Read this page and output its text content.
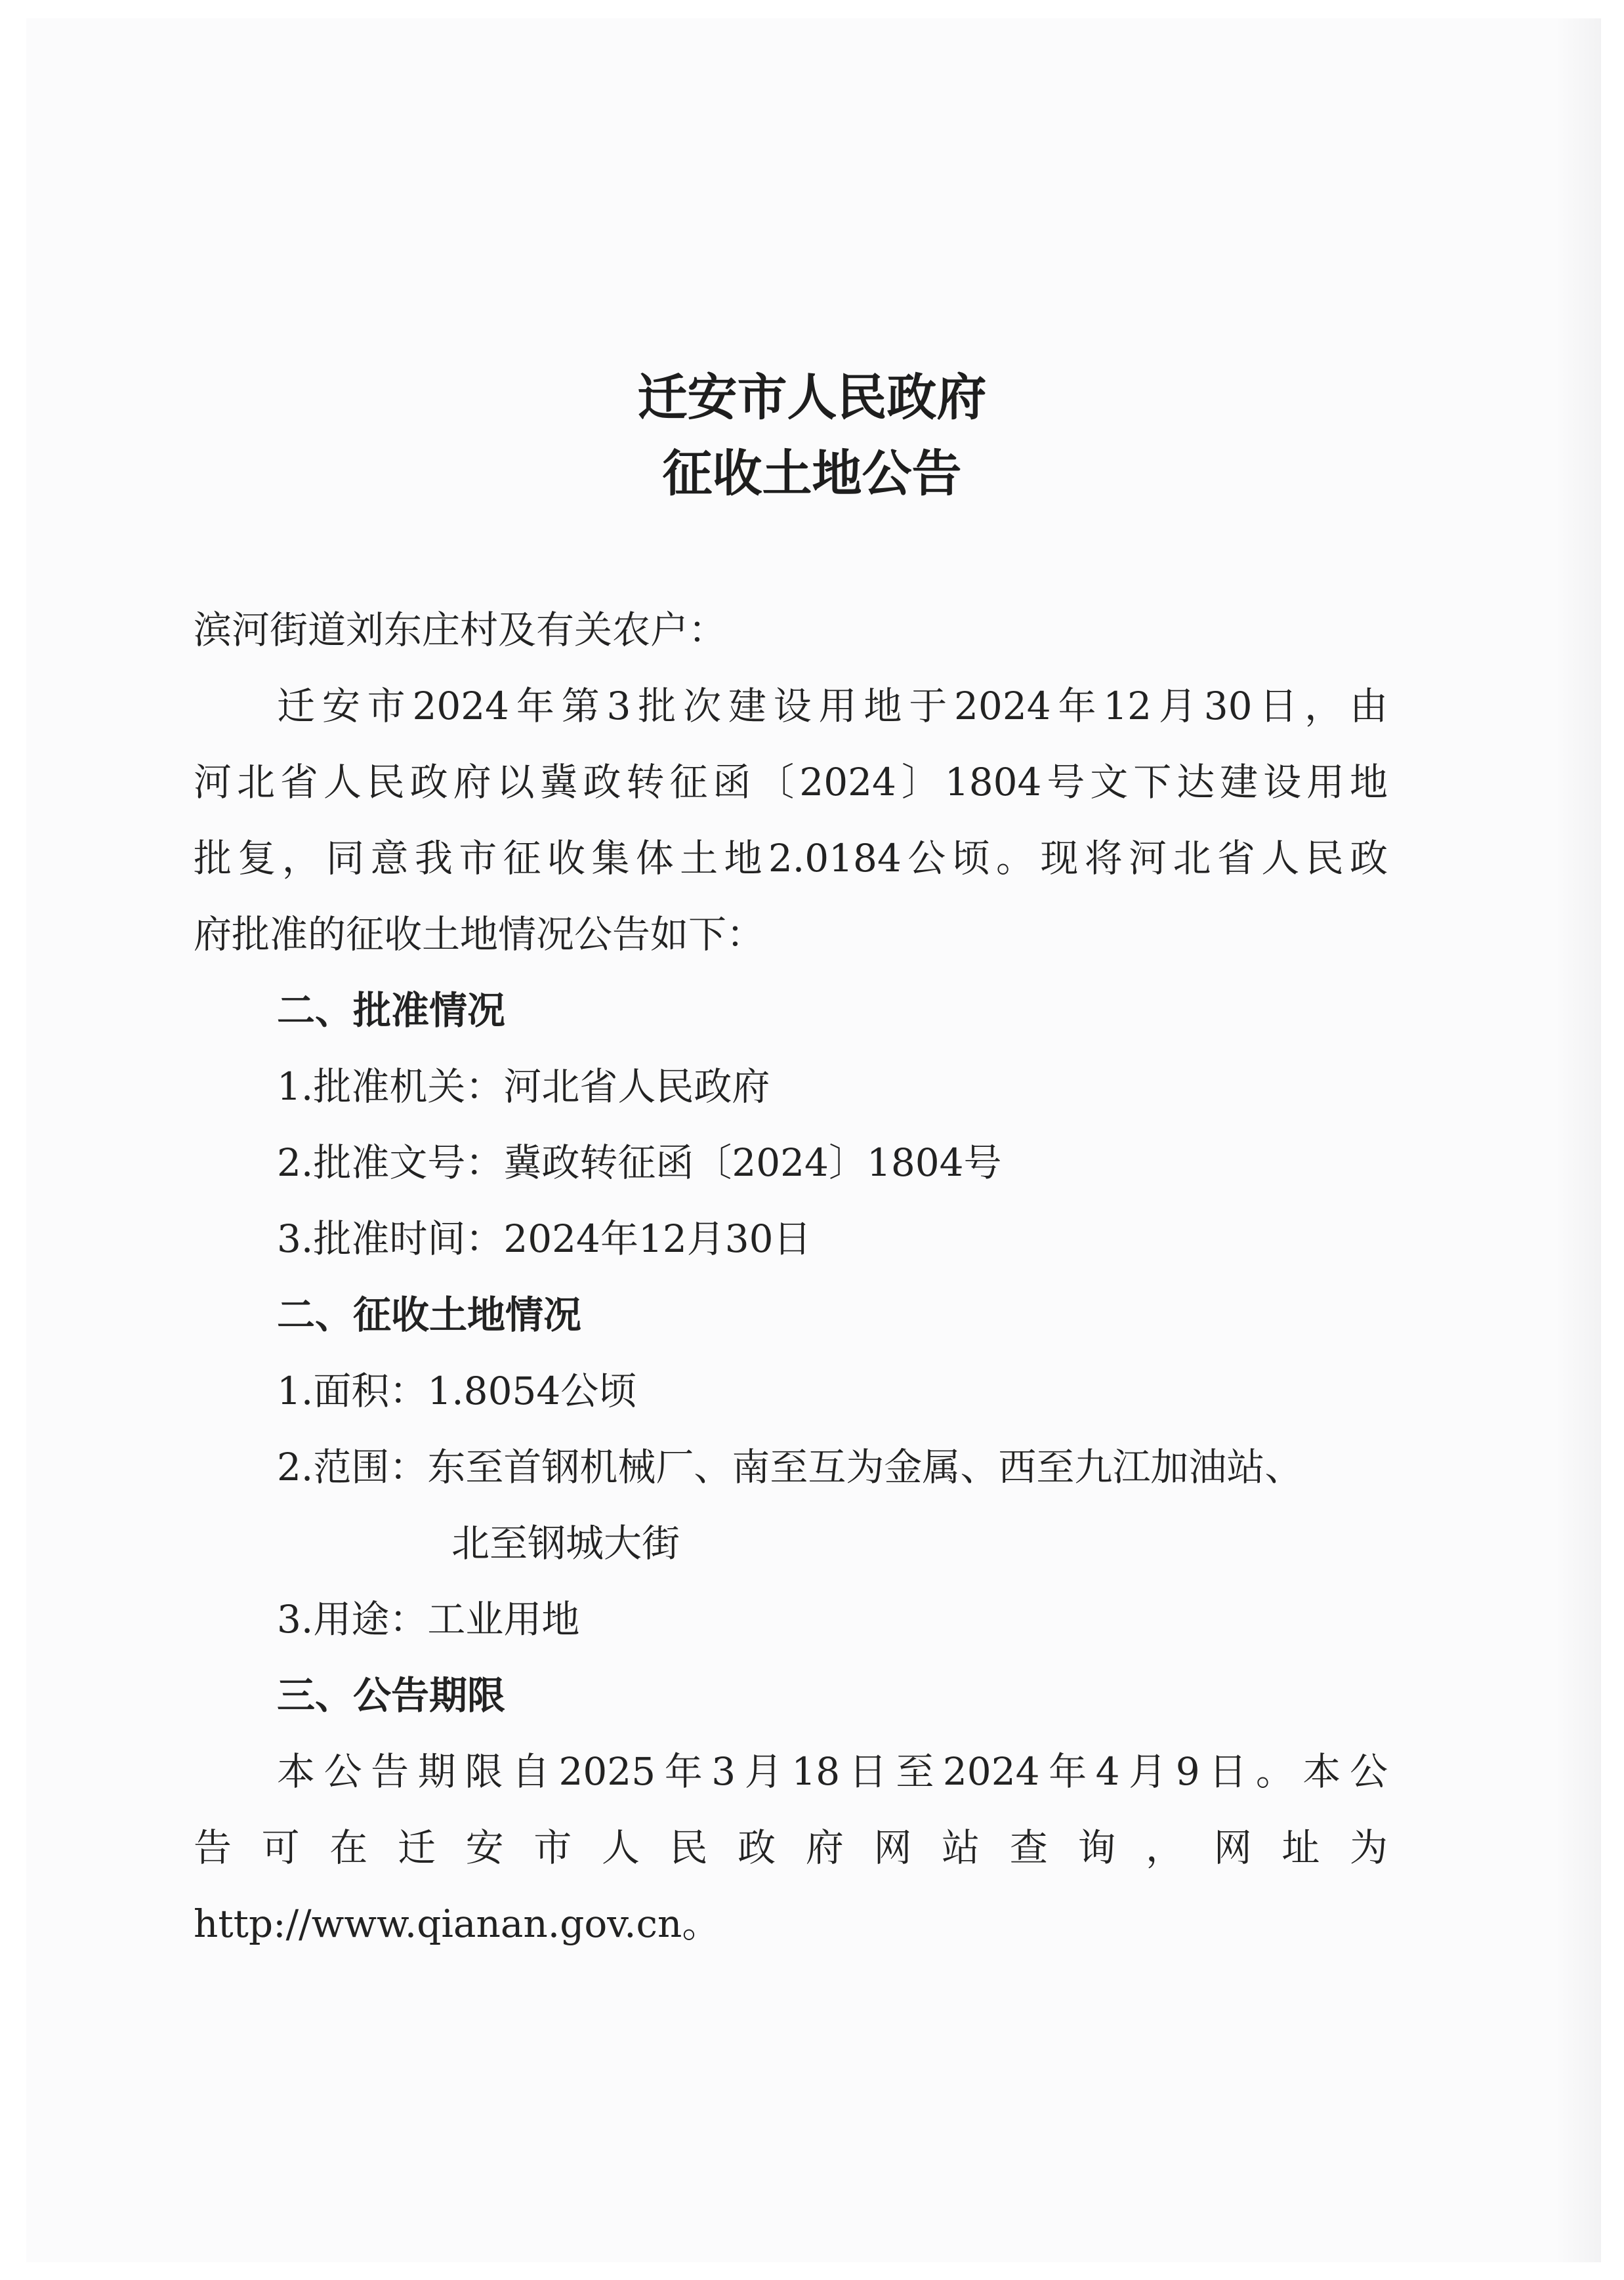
迁安市人民政府
征收土地公告

滨河街道刘东庄村及有关农户：

迁安市2024年第3批次建设用地于2024年12月30日，由

河北省人民政府以冀政转征函〔2024〕1804号文下达建设用地

批复，同意我市征收集体土地2.0184公顷。现将河北省人民政

府批准的征收土地情况公告如下：

二、批准情况

1.批准机关：河北省人民政府

2.批准文号：冀政转征函〔2024〕1804号

3.批准时间：2024年12月30日

二、征收土地情况

1.面积：1.8054公顷

2.范围：东至首钢机械厂、南至互为金属、西至九江加油站、

北至钢城大街

3.用途：工业用地

三、公告期限

本公告期限自2025年3月18日至2024年4月9日。本公

告可在迁安市人民政府网站查询，网址为

http://www.qianan.gov.cn。
